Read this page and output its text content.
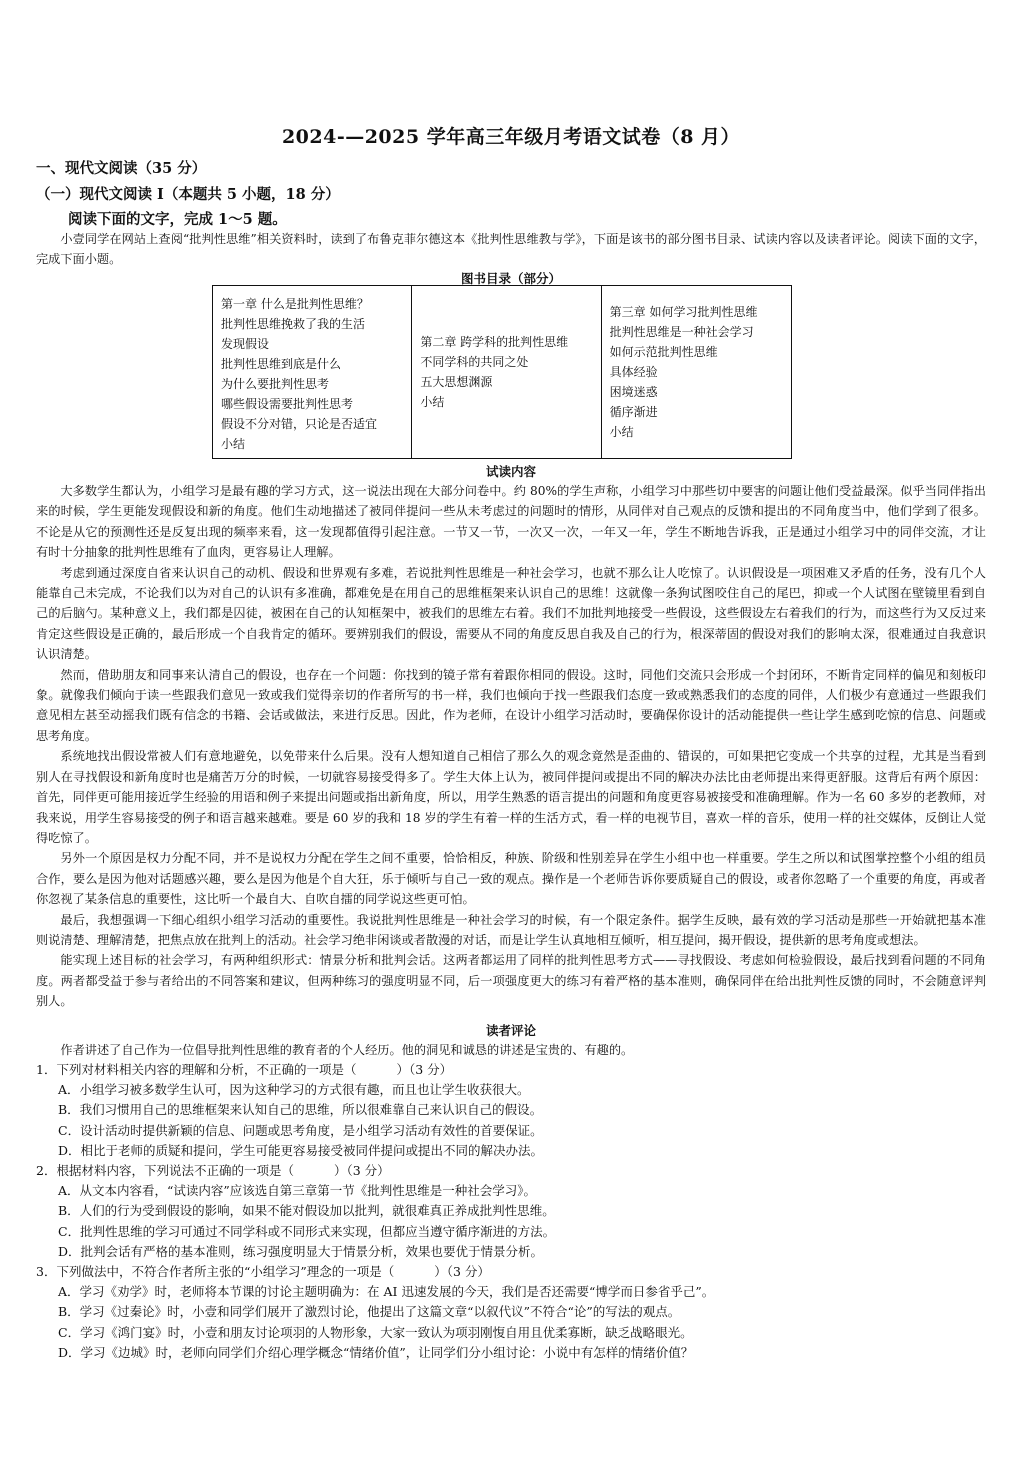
2024-—2025 学年高三年级月考语文试卷（8 月）
一、现代文阅读（35 分）
（一）现代文阅读 I（本题共 5 小题，18 分）
阅读下面的文字，完成 1～5 题。

小壹同学在网站上查阅“批判性思维”相关资料时，读到了布鲁克菲尔德这本《批判性思维教与学》，下面是该书的部分图书目录、试读内容以及读者评论。阅读下面的文字，完成下面小题。

图书目录（部分）
第一章 什么是批判性思维？
批判性思维挽救了我的生活
发现假设
批判性思维到底是什么
为什么要批判性思考
哪些假设需要批判性思考
假设不分对错，只论是否适宜
小结
第二章 跨学科的批判性思维
不同学科的共同之处
五大思想渊源
小结
第三章 如何学习批判性思维
批判性思维是一种社会学习
如何示范批判性思维
具体经验
困境迷惑
循序渐进
小结
试读内容

大多数学生都认为，小组学习是最有趣的学习方式，这一说法出现在大部分问卷中。约 80%的学生声称，小组学习中那些切中要害的问题让他们受益最深。似乎当同伴指出来的时候，学生更能发现假设和新的角度。他们生动地描述了被同伴提问一些从未考虑过的问题时的情形，从同伴对自己观点的反馈和提出的不同角度当中，他们学到了很多。不论是从它的预测性还是反复出现的频率来看，这一发现都值得引起注意。一节又一节，一次又一次，一年又一年，学生不断地告诉我，正是通过小组学习中的同伴交流，才让有时十分抽象的批判性思维有了血肉，更容易让人理解。

考虑到通过深度自省来认识自己的动机、假设和世界观有多难，若说批判性思维是一种社会学习，也就不那么让人吃惊了。认识假设是一项困难又矛盾的任务，没有几个人能靠自己未完成，不论我们以为对自己的认识有多准确，都难免是在用自己的思维框架来认识自己的思维！这就像一条狗试图咬住自己的尾巴，抑或一个人试图在壁镜里看到自己的后脑勺。某种意义上，我们都是囚徒，被困在自己的认知框架中，被我们的思维左右着。我们不加批判地接受一些假设，这些假设左右着我们的行为，而这些行为又反过来肯定这些假设是正确的，最后形成一个自我肯定的循环。要辨别我们的假设，需要从不同的角度反思自我及自己的行为，根深蒂固的假设对我们的影响太深，很难通过自我意识认识清楚。

然而，借助朋友和同事来认清自己的假设，也存在一个问题：你找到的镜子常有着跟你相同的假设。这时，同他们交流只会形成一个封闭环，不断肯定同样的偏见和刻板印象。就像我们倾向于读一些跟我们意见一致或我们觉得亲切的作者所写的书一样，我们也倾向于找一些跟我们态度一致或熟悉我们的态度的同伴，人们极少有意通过一些跟我们意见相左甚至动摇我们既有信念的书籍、会话或做法，来进行反思。因此，作为老师，在设计小组学习活动时，要确保你设计的活动能提供一些让学生感到吃惊的信息、问题或思考角度。

系统地找出假设常被人们有意地避免，以免带来什么后果。没有人想知道自己相信了那么久的观念竟然是歪曲的、错误的，可如果把它变成一个共享的过程，尤其是当看到别人在寻找假设和新角度时也是痛苦万分的时候，一切就容易接受得多了。学生大体上认为，被同伴提问或提出不同的解决办法比由老师提出来得更舒服。这背后有两个原因：首先，同伴更可能用接近学生经验的用语和例子来提出问题或指出新角度，所以，用学生熟悉的语言提出的问题和角度更容易被接受和准确理解。作为一名 60 多岁的老教师，对我来说，用学生容易接受的例子和语言越来越难。要是 60 岁的我和 18 岁的学生有着一样的生活方式，看一样的电视节目，喜欢一样的音乐，使用一样的社交媒体，反倒让人觉得吃惊了。

另外一个原因是权力分配不同，并不是说权力分配在学生之间不重要，恰恰相反，种族、阶级和性别差异在学生小组中也一样重要。学生之所以和试图掌控整个小组的组员合作，要么是因为他对话题感兴趣，要么是因为他是个自大狂，乐于倾听与自己一致的观点。操作是一个老师告诉你要质疑自己的假设，或者你忽略了一个重要的角度，再或者你忽视了某条信息的重要性，这比听一个最自大、自吹自擂的同学说这些更可怕。

最后，我想强调一下细心组织小组学习活动的重要性。我说批判性思维是一种社会学习的时候，有一个限定条件。据学生反映，最有效的学习活动是那些一开始就把基本准则说清楚、理解清楚，把焦点放在批判上的活动。社会学习绝非闲谈或者散漫的对话，而是让学生认真地相互倾听，相互提问，揭开假设，提供新的思考角度或想法。

能实现上述目标的社会学习，有两种组织形式：情景分析和批判会话。这两者都运用了同样的批判性思考方式——寻找假设、考虑如何检验假设，最后找到看问题的不同角度。两者都受益于参与者给出的不同答案和建议，但两种练习的强度明显不同，后一项强度更大的练习有着严格的基本准则，确保同伴在给出批判性反馈的同时，不会随意评判别人。

读者评论

作者讲述了自己作为一位倡导批判性思维的教育者的个人经历。他的洞见和诚恳的讲述是宝贵的、有趣的。

1．下列对材料相关内容的理解和分析，不正确的一项是（	）（3 分）

A．小组学习被多数学生认可，因为这种学习的方式很有趣，而且也让学生收获很大。

B．我们习惯用自己的思维框架来认知自己的思维，所以很难靠自己来认识自己的假设。

C．设计活动时提供新颖的信息、问题或思考角度，是小组学习活动有效性的首要保证。

D．相比于老师的质疑和提问，学生可能更容易接受被同伴提问或提出不同的解决办法。

2．根据材料内容，下列说法不正确的一项是（	）（3 分）

A．从文本内容看，“试读内容”应该选自第三章第一节《批判性思维是一种社会学习》。

B．人们的行为受到假设的影响，如果不能对假设加以批判，就很难真正养成批判性思维。

C．批判性思维的学习可通过不同学科或不同形式来实现，但都应当遵守循序渐进的方法。

D．批判会话有严格的基本准则，练习强度明显大于情景分析，效果也要优于情景分析。

3．下列做法中，不符合作者所主张的“小组学习”理念的一项是（	）（3 分）

A．学习《劝学》时，老师将本节课的讨论主题明确为：在 AI 迅速发展的今天，我们是否还需要“博学而日参省乎己”。

B．学习《过秦论》时，小壹和同学们展开了激烈讨论，他提出了这篇文章“以叙代议”不符合“论”的写法的观点。

C．学习《鸿门宴》时，小壹和朋友讨论项羽的人物形象，大家一致认为项羽刚愎自用且优柔寡断，缺乏战略眼光。

D．学习《边城》时，老师向同学们介绍心理学概念“情绪价值”，让同学们分小组讨论：小说中有怎样的情绪价值？
